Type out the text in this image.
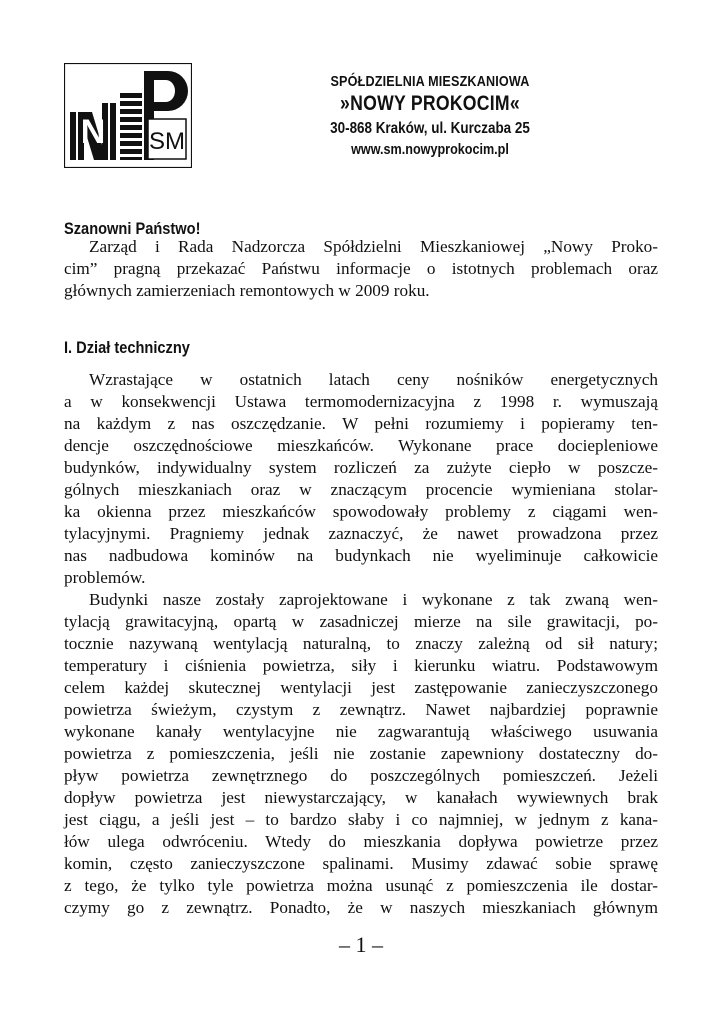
N SM
SPÓŁDZIELNIA MIESZKANIOWA
»NOWY PROKOCIM«
30-868 Kraków, ul. Kurczaba 25
www.sm.nowyprokocim.pl
Szanowni Państwo!
Zarząd i Rada Nadzorcza Spółdzielni Mieszkaniowej „Nowy Proko-
cim” pragną przekazać Państwu informacje o istotnych problemach oraz
głównych zamierzeniach remontowych w 2009 roku.
I. Dział techniczny
Wzrastające w ostatnich latach ceny nośników energetycznych
a w konsekwencji Ustawa termomodernizacyjna z 1998 r. wymuszają
na każdym z nas oszczędzanie. W pełni rozumiemy i popieramy ten-
dencje oszczędnościowe mieszkańców. Wykonane prace dociepleniowe
budynków, indywidualny system rozliczeń za zużyte ciepło w poszcze-
gólnych mieszkaniach oraz w znaczącym procencie wymieniana stolar-
ka okienna przez mieszkańców spowodowały problemy z ciągami wen-
tylacyjnymi. Pragniemy jednak zaznaczyć, że nawet prowadzona przez
nas nadbudowa kominów na budynkach nie wyeliminuje całkowicie
problemów.
Budynki nasze zostały zaprojektowane i wykonane z tak zwaną wen-
tylacją grawitacyjną, opartą w zasadniczej mierze na sile grawitacji, po-
tocznie nazywaną wentylacją naturalną, to znaczy zależną od sił natury;
temperatury i ciśnienia powietrza, siły i kierunku wiatru. Podstawowym
celem każdej skutecznej wentylacji jest zastępowanie zanieczyszczonego
powietrza świeżym, czystym z zewnątrz. Nawet najbardziej poprawnie
wykonane kanały wentylacyjne nie zagwarantują właściwego usuwania
powietrza z pomieszczenia, jeśli nie zostanie zapewniony dostateczny do-
pływ powietrza zewnętrznego do poszczególnych pomieszczeń. Jeżeli
dopływ powietrza jest niewystarczający, w kanałach wywiewnych brak
jest ciągu, a jeśli jest – to bardzo słaby i co najmniej, w jednym z kana-
łów ulega odwróceniu. Wtedy do mieszkania dopływa powietrze przez
komin, często zanieczyszczone spalinami. Musimy zdawać sobie sprawę
z tego, że tylko tyle powietrza można usunąć z pomieszczenia ile dostar-
czymy go z zewnątrz. Ponadto, że w naszych mieszkaniach głównym
– 1 –
